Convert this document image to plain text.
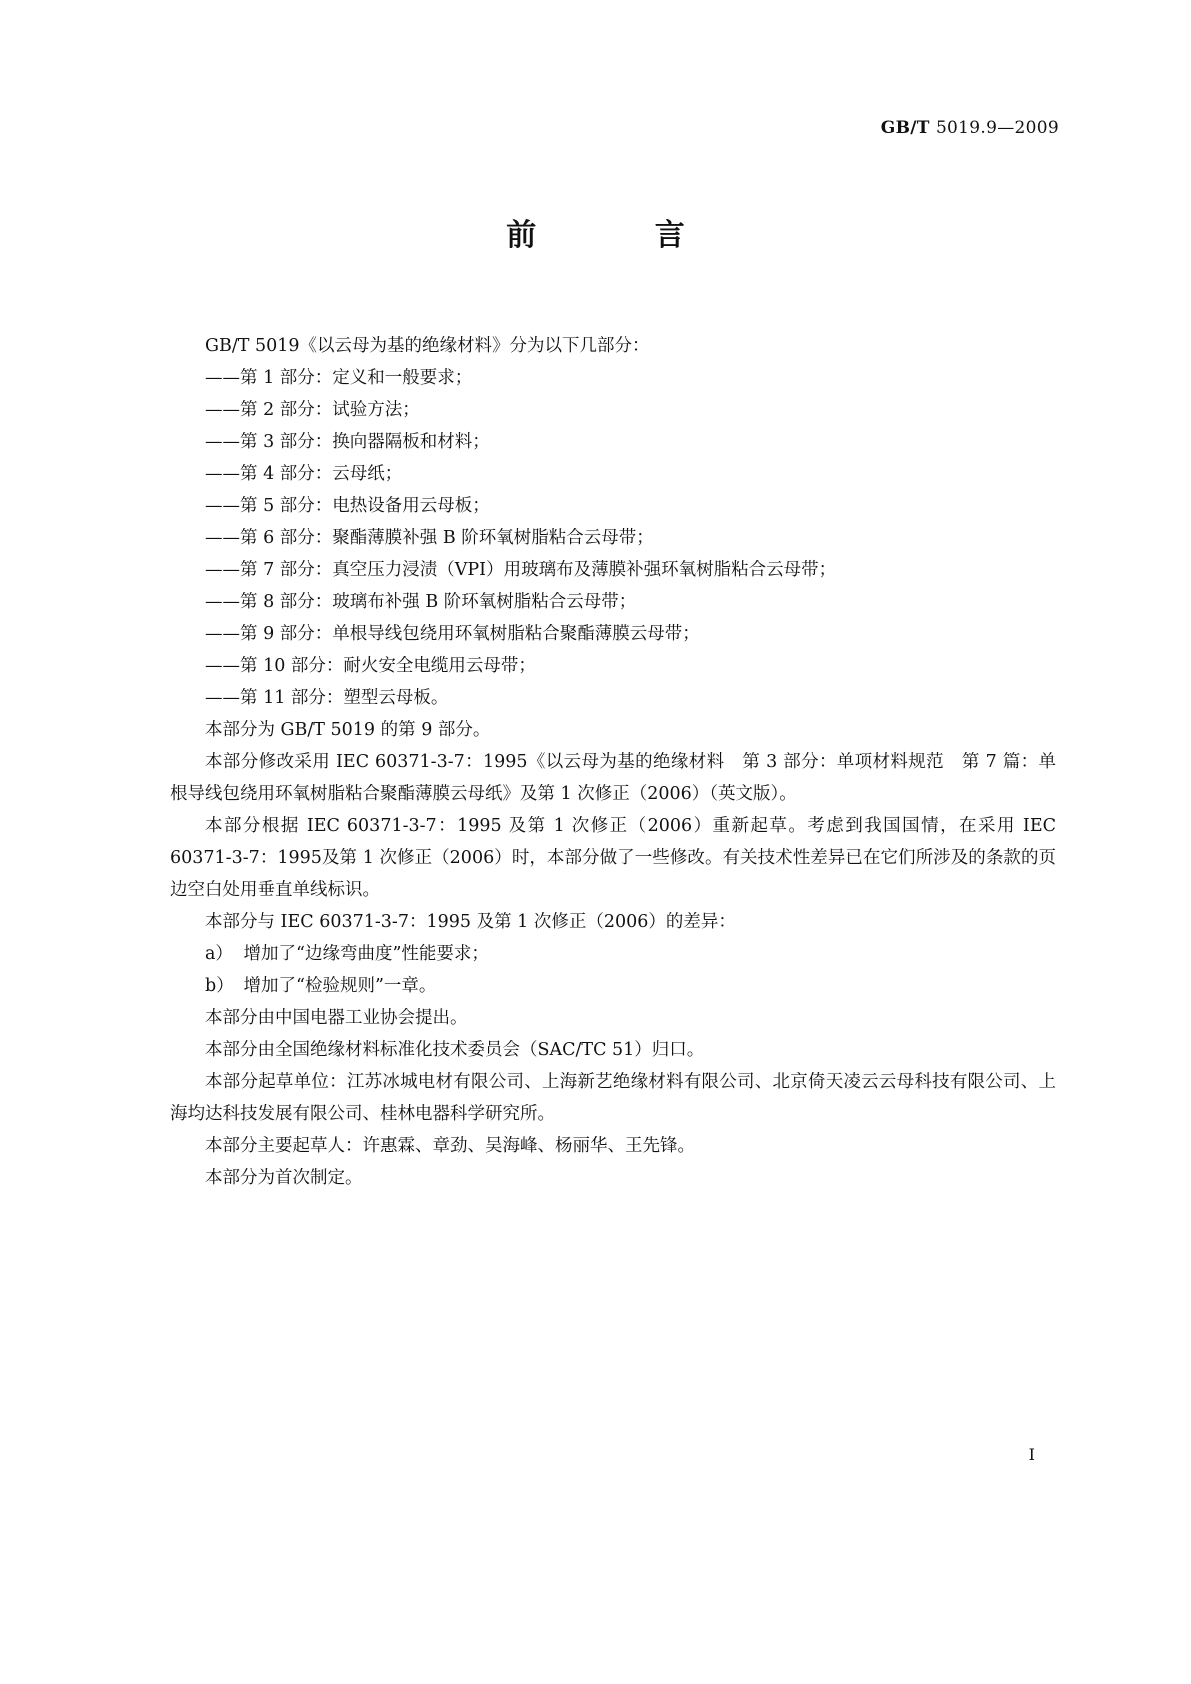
GB/T 5019.9—2009
前 言

GB/T 5019《以云母为基的绝缘材料》分为以下几部分：

——第 1 部分：定义和一般要求；

——第 2 部分：试验方法；

——第 3 部分：换向器隔板和材料；

——第 4 部分：云母纸；

——第 5 部分：电热设备用云母板；

——第 6 部分：聚酯薄膜补强 B 阶环氧树脂粘合云母带；

——第 7 部分：真空压力浸渍（VPI）用玻璃布及薄膜补强环氧树脂粘合云母带；

——第 8 部分：玻璃布补强 B 阶环氧树脂粘合云母带；

——第 9 部分：单根导线包绕用环氧树脂粘合聚酯薄膜云母带；

——第 10 部分：耐火安全电缆用云母带；

——第 11 部分：塑型云母板。

本部分为 GB/T 5019 的第 9 部分。

本部分修改采用 IEC 60371-3-7：1995《以云母为基的绝缘材料　第 3 部分：单项材料规范　第 7 篇：单根导线包绕用环氧树脂粘合聚酯薄膜云母纸》及第 1 次修正（2006）（英文版）。

本部分根据 IEC 60371-3-7：1995 及第 1 次修正（2006）重新起草。考虑到我国国情，在采用 IEC 60371-3-7：1995及第 1 次修正（2006）时，本部分做了一些修改。有关技术性差异已在它们所涉及的条款的页边空白处用垂直单线标识。

本部分与 IEC 60371-3-7：1995 及第 1 次修正（2006）的差异：

a） 增加了“边缘弯曲度”性能要求；

b） 增加了“检验规则”一章。

本部分由中国电器工业协会提出。

本部分由全国绝缘材料标准化技术委员会（SAC/TC 51）归口。

本部分起草单位：江苏冰城电材有限公司、上海新艺绝缘材料有限公司、北京倚天凌云云母科技有限公司、上海均达科技发展有限公司、桂林电器科学研究所。

本部分主要起草人：许惠霖、章劲、吴海峰、杨丽华、王先锋。

本部分为首次制定。

I
